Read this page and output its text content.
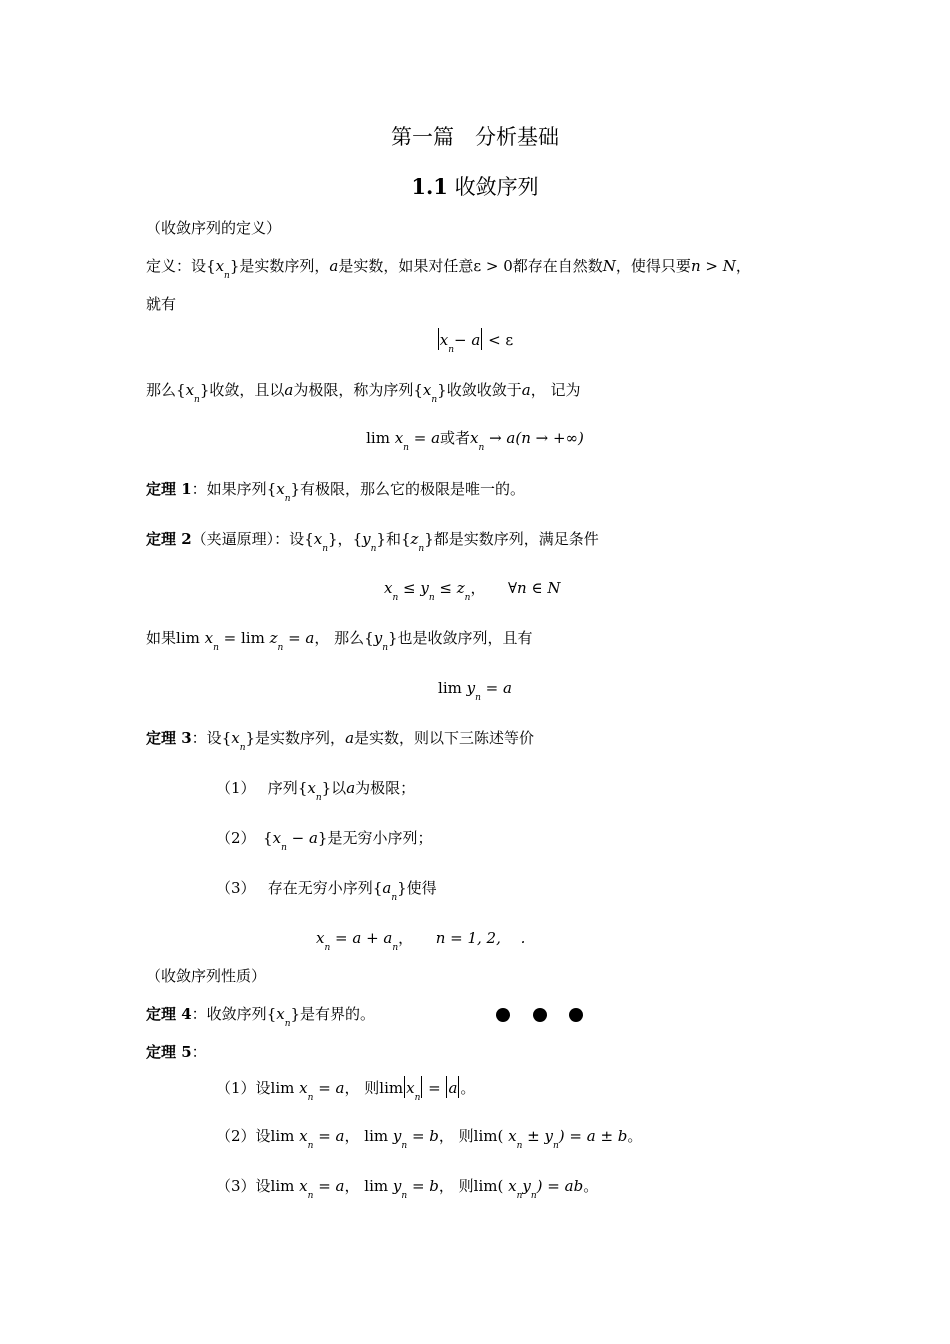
第一篇　分析基础
1.1 收敛序列
（收敛序列的定义）
定义：设$\{x_n\}$是实数序列，a是实数，如果对任意ε > 0都存在自然数N，使得只要n > N，
就有
$x_n- a < \varepsilon$
那么$\{x_n\}$收敛，且以a为极限，称为序列$\{x_n\}$收敛收敛于a， 记为
$\lim x_n = a$或者$x_n \to a(n$ → +∞)
定理 1：如果序列$\{x_n\}$有极限，那么它的极限是唯一的。
定理 2（夹逼原理）：设$\{x_n\}$，$\{y_n\}$和$\{z_n\}$都是实数序列，满足条件
$x_n \le y_n \le z_n$，　　∀n ∈ N
如果$\lim x_n = \lim z_n = a$， 那么$\{y_n\}$也是收敛序列，且有
$\lim y_n = a$
定理 3：设$\{x_n\}$是实数序列，a是实数，则以下三陈述等价
（1）　 序列$\{x_n\}$以a为极限；
（2）　$\{x_n - a\}$是无穷小序列；
（3）　 存在无穷小序列$\{a_n\}$使得
$x_n = a + a_n$，　　n = 1, 2,　 .
（收敛序列性质）
定理 4：收敛序列$\{x_n\}$是有界的。
定理 5：
（1）设$\lim x_n = a$， 则$\lim x_n = a$ 。
（2）设$\lim x_n = a$， $\lim y_n = b$， 则lim( $x_n \pm y_n) = a \pm b$。
（3）设$\lim x_n = a$， $\lim y_n = b$， 则lim( $x_ny_n$) = ab。
